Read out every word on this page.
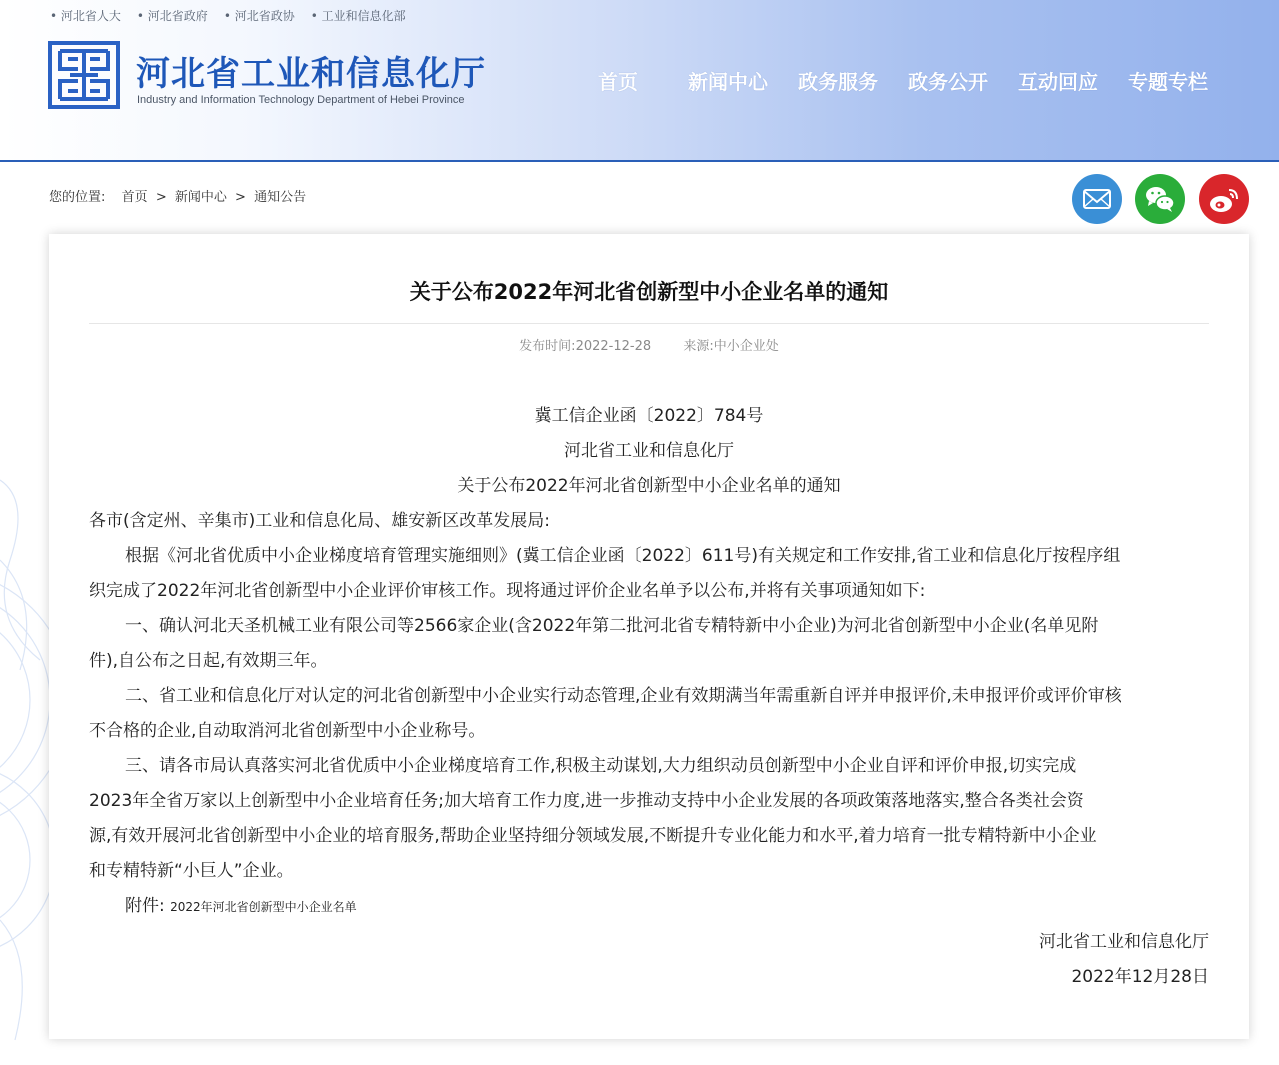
• 河北省人大 • 河北省政府 • 河北省政协 • 工业和信息化部
河北省工业和信息化厅
Industry and Information Technology Department of Hebei Province
首页	新闻中心 政务服务 政务公开 互动回应 专题专栏
您的位置: 首页 > 新闻中心 > 通知公告
关于公布2022年河北省创新型中小企业名单的通知
发布时间:2022-12-28 来源:中小企业处
冀工信企业函〔2022〕784号
河北省工业和信息化厅
关于公布2022年河北省创新型中小企业名单的通知
各市(含定州、辛集市)工业和信息化局、雄安新区改革发展局:
根据《河北省优质中小企业梯度培育管理实施细则》(冀工信企业函〔2022〕611号)有关规定和工作安排,省工业和信息化厅按程序组
织完成了2022年河北省创新型中小企业评价审核工作。现将通过评价企业名单予以公布,并将有关事项通知如下:
一、确认河北天圣机械工业有限公司等2566家企业(含2022年第二批河北省专精特新中小企业)为河北省创新型中小企业(名单见附
件),自公布之日起,有效期三年。
二、省工业和信息化厅对认定的河北省创新型中小企业实行动态管理,企业有效期满当年需重新自评并申报评价,未申报评价或评价审核
不合格的企业,自动取消河北省创新型中小企业称号。
三、请各市局认真落实河北省优质中小企业梯度培育工作,积极主动谋划,大力组织动员创新型中小企业自评和评价申报,切实完成
2023年全省万家以上创新型中小企业培育任务;加大培育工作力度,进一步推动支持中小企业发展的各项政策落地落实,整合各类社会资
源,有效开展河北省创新型中小企业的培育服务,帮助企业坚持细分领域发展,不断提升专业化能力和水平,着力培育一批专精特新中小企业
和专精特新“小巨人”企业。
附件: 2022年河北省创新型中小企业名单
河北省工业和信息化厅
2022年12月28日
